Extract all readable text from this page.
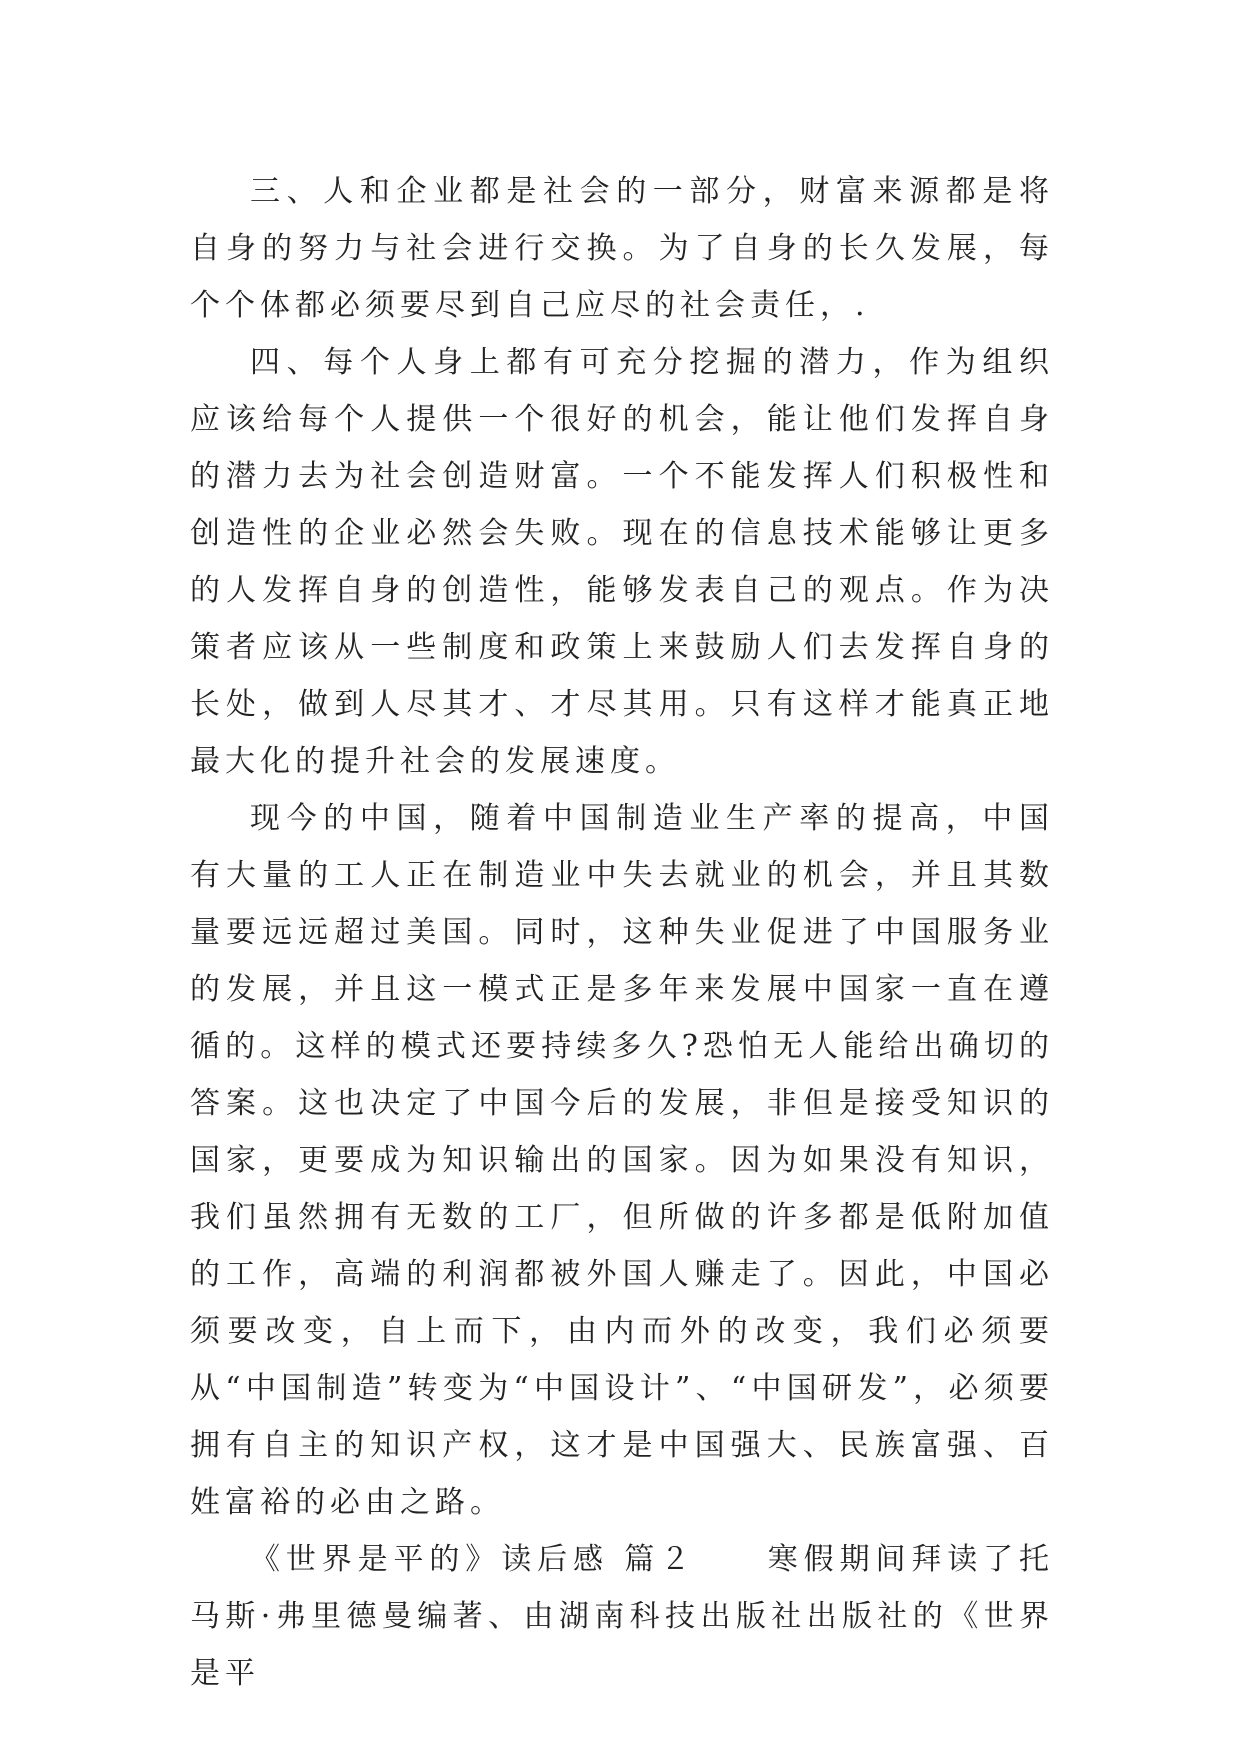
三、人和企业都是社会的一部分，财富来源都是将自身的努力与社会进行交换。为了自身的长久发展，每个个体都必须要尽到自己应尽的社会责任，.

四、每个人身上都有可充分挖掘的潜力，作为组织应该给每个人提供一个很好的机会，能让他们发挥自身的潜力去为社会创造财富。一个不能发挥人们积极性和创造性的企业必然会失败。现在的信息技术能够让更多的人发挥自身的创造性，能够发表自己的观点。作为决策者应该从一些制度和政策上来鼓励人们去发挥自身的长处，做到人尽其才、才尽其用。只有这样才能真正地最大化的提升社会的发展速度。

现今的中国，随着中国制造业生产率的提高，中国有大量的工人正在制造业中失去就业的机会，并且其数量要远远超过美国。同时，这种失业促进了中国服务业的发展，并且这一模式正是多年来发展中国家一直在遵循的。这样的模式还要持续多久?恐怕无人能给出确切的答案。这也决定了中国今后的发展，非但是接受知识的国家，更要成为知识输出的国家。因为如果没有知识，我们虽然拥有无数的工厂，但所做的许多都是低附加值的工作，高端的利润都被外国人赚走了。因此，中国必须要改变，自上而下，由内而外的改变，我们必须要从“中国制造”转变为“中国设计”、“中国研发”，必须要拥有自主的知识产权，这才是中国强大、民族富强、百姓富裕的必由之路。

《世界是平的》读后感 篇２　　寒假期间拜读了托马斯·弗里德曼编著、由湖南科技出版社出版社的《世界是平
